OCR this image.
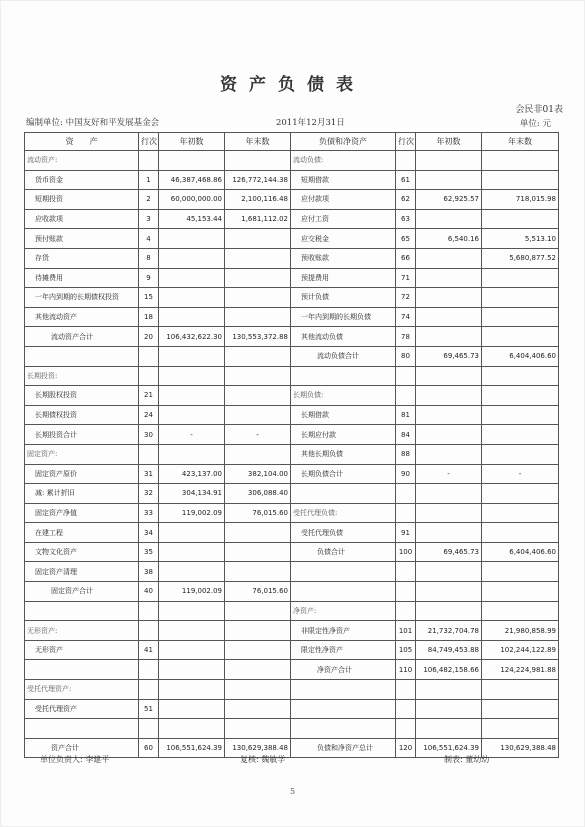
资产负债表
会民非01表
编制单位: 中国友好和平发展基金会	2011年12月31日	单位: 元
资　　产	行次	年初数	年末数	负债和净资产	行次	年初数	年末数
流动资产:				流动负债:			
货币资金	1	46,387,468.86	126,772,144.38	短期借款	61		
短期投资	2	60,000,000.00	2,100,116.48	应付款项	62	62,925.57	718,015.98
应收款项	3	45,153.44	1,681,112.02	应付工资	63		
预付账款	4			应交税金	65	6,540.16	5,513.10
存货	8			预收账款	66		5,680,877.52
待摊费用	9			预提费用	71		
一年内到期的长期债权投资	15			预计负债	72		
其他流动资产	18			一年内到期的长期负债	74		
流动资产合计	20	106,432,622.30	130,553,372.88	其他流动负债	78		
				流动负债合计	80	69,465.73	6,404,406.60
长期投资:							
长期股权投资	21			长期负债:			
长期债权投资	24			长期借款	81		
长期投资合计	30	-	-	长期应付款	84		
固定资产:				其他长期负债	88		
固定资产原价	31	423,137.00	382,104.00	长期负债合计	90	-	-
减: 累计折旧	32	304,134.91	306,088.40				
固定资产净值	33	119,002.09	76,015.60	受托代理负债:			
在建工程	34			受托代理负债	91		
文物文化资产	35			负债合计	100	69,465.73	6,404,406.60
固定资产清理	38						
固定资产合计	40	119,002.09	76,015.60				
				净资产:			
无形资产:				非限定性净资产	101	21,732,704.78	21,980,858.99
无形资产	41			限定性净资产	105	84,749,453.88	102,244,122.89
				净资产合计	110	106,482,158.66	124,224,981.88
受托代理资产:							
受托代理资产	51						

资产合计	60	106,551,624.39	130,629,388.48	负债和净资产总计	120	106,551,624.39	130,629,388.48
单位负责人: 李建平	复核: 魏敏学	制表: 董幼幼
5
